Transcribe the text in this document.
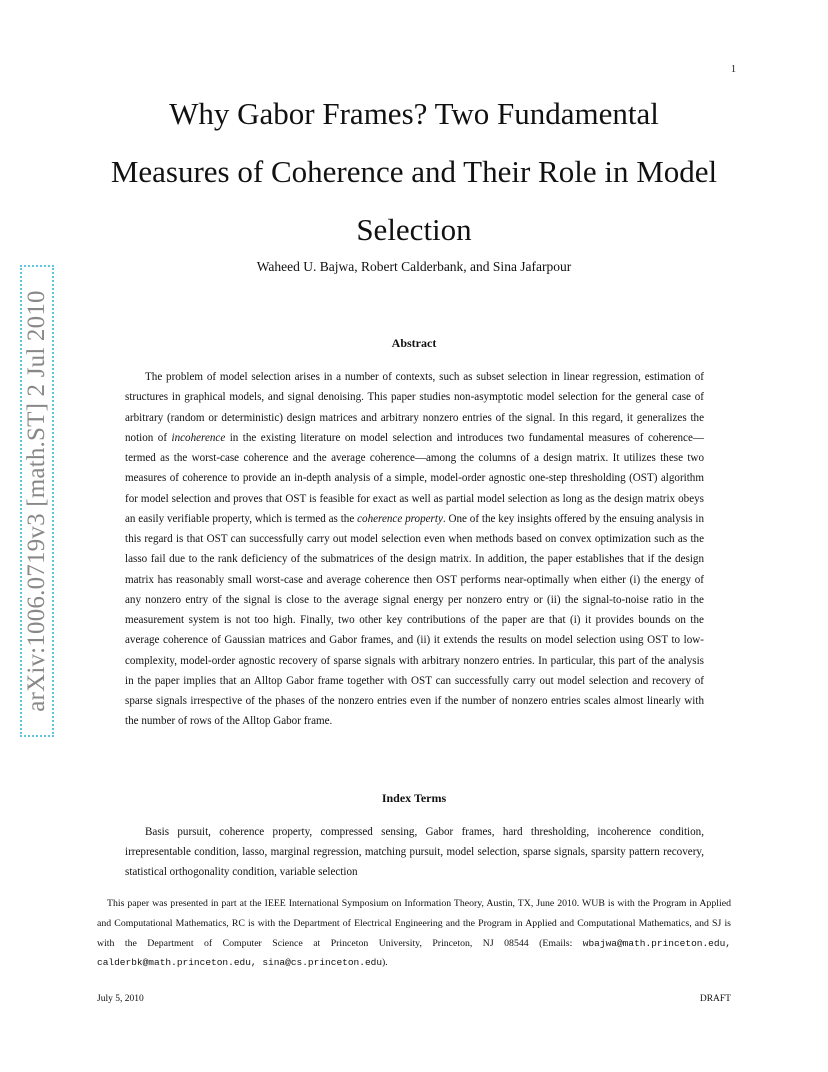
1
arXiv:1006.0719v3 [math.ST] 2 Jul 2010
Why Gabor Frames? Two Fundamental Measures of Coherence and Their Role in Model Selection
Waheed U. Bajwa, Robert Calderbank, and Sina Jafarpour
Abstract

The problem of model selection arises in a number of contexts, such as subset selection in linear regression, estimation of structures in graphical models, and signal denoising. This paper studies non-asymptotic model selection for the general case of arbitrary (random or deterministic) design matrices and arbitrary nonzero entries of the signal. In this regard, it generalizes the notion of incoherence in the existing literature on model selection and introduces two fundamental measures of coherence—termed as the worst-case coherence and the average coherence—among the columns of a design matrix. It utilizes these two measures of coherence to provide an in-depth analysis of a simple, model-order agnostic one-step thresholding (OST) algorithm for model selection and proves that OST is feasible for exact as well as partial model selection as long as the design matrix obeys an easily verifiable property, which is termed as the coherence property. One of the key insights offered by the ensuing analysis in this regard is that OST can successfully carry out model selection even when methods based on convex optimization such as the lasso fail due to the rank deficiency of the submatrices of the design matrix. In addition, the paper establishes that if the design matrix has reasonably small worst-case and average coherence then OST performs near-optimally when either (i) the energy of any nonzero entry of the signal is close to the average signal energy per nonzero entry or (ii) the signal-to-noise ratio in the measurement system is not too high. Finally, two other key contributions of the paper are that (i) it provides bounds on the average coherence of Gaussian matrices and Gabor frames, and (ii) it extends the results on model selection using OST to low-complexity, model-order agnostic recovery of sparse signals with arbitrary nonzero entries. In particular, this part of the analysis in the paper implies that an Alltop Gabor frame together with OST can successfully carry out model selection and recovery of sparse signals irrespective of the phases of the nonzero entries even if the number of nonzero entries scales almost linearly with the number of rows of the Alltop Gabor frame.

Index Terms

Basis pursuit, coherence property, compressed sensing, Gabor frames, hard thresholding, incoherence condition, irrepresentable condition, lasso, marginal regression, matching pursuit, model selection, sparse signals, sparsity pattern recovery, statistical orthogonality condition, variable selection

This paper was presented in part at the IEEE International Symposium on Information Theory, Austin, TX, June 2010. WUB is with the Program in Applied and Computational Mathematics, RC is with the Department of Electrical Engineering and the Program in Applied and Computational Mathematics, and SJ is with the Department of Computer Science at Princeton University, Princeton, NJ 08544 (Emails: wbajwa@math.princeton.edu, calderbk@math.princeton.edu, sina@cs.princeton.edu).

July 5, 2010	DRAFT
